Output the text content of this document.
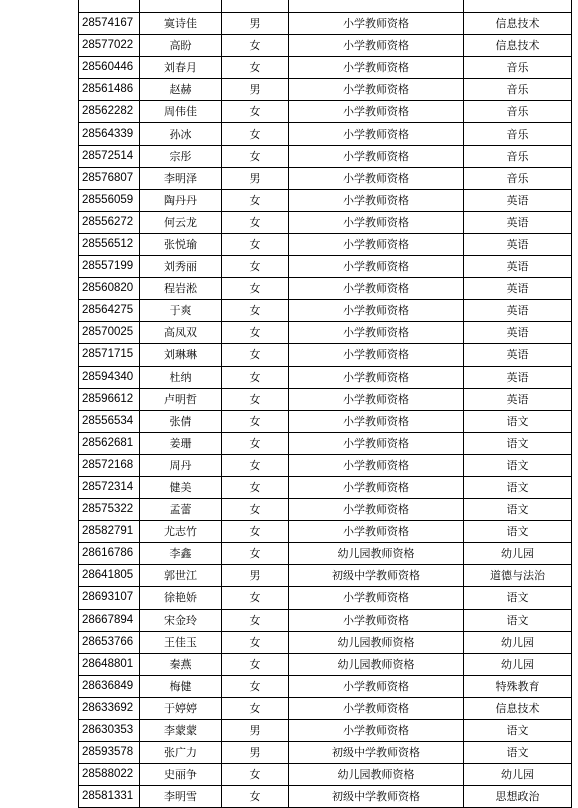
28574167	寞诗佳	男	小学教师资格	信息技术
28577022	高盼	女	小学教师资格	信息技术
28560446	刘春月	女	小学教师资格	音乐
28561486	赵赫	男	小学教师资格	音乐
28562282	周伟佳	女	小学教师资格	音乐
28564339	孙冰	女	小学教师资格	音乐
28572514	宗彤	女	小学教师资格	音乐
28576807	李明泽	男	小学教师资格	音乐
28556059	陶丹丹	女	小学教师资格	英语
28556272	何云龙	女	小学教师资格	英语
28556512	张悦瑜	女	小学教师资格	英语
28557199	刘秀丽	女	小学教师资格	英语
28560820	程岩淞	女	小学教师资格	英语
28564275	于爽	女	小学教师资格	英语
28570025	高凤双	女	小学教师资格	英语
28571715	刘琳琳	女	小学教师资格	英语
28594340	杜纳	女	小学教师资格	英语
28596612	卢明哲	女	小学教师资格	英语
28556534	张倩	女	小学教师资格	语文
28562681	姜珊	女	小学教师资格	语文
28572168	周丹	女	小学教师资格	语文
28572314	健美	女	小学教师资格	语文
28575322	孟蕾	女	小学教师资格	语文
28582791	尤志竹	女	小学教师资格	语文
28616786	李鑫	女	幼儿园教师资格	幼儿园
28641805	郭世江	男	初级中学教师资格	道德与法治
28693107	徐艳娇	女	小学教师资格	语文
28667894	宋金玲	女	小学教师资格	语文
28653766	王佳玉	女	幼儿园教师资格	幼儿园
28648801	秦燕	女	幼儿园教师资格	幼儿园
28636849	梅健	女	小学教师资格	特殊教育
28633692	于婷婷	女	小学教师资格	信息技术
28630353	李蒙蒙	男	小学教师资格	语文
28593578	张广力	男	初级中学教师资格	语文
28588022	史丽争	女	幼儿园教师资格	幼儿园
28581331	李明雪	女	初级中学教师资格	思想政治
